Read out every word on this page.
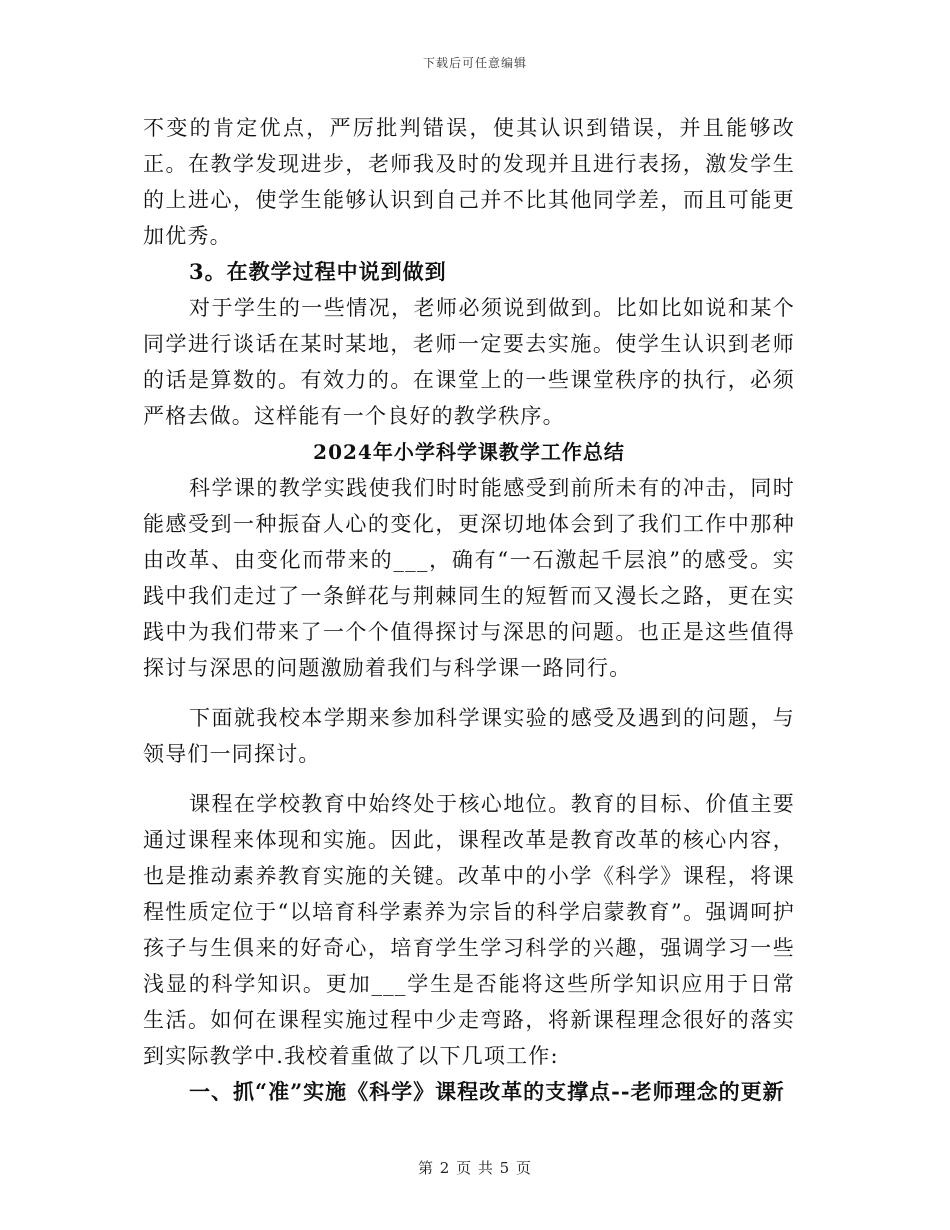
下载后可任意编辑

不变的肯定优点，严厉批判错误，使其认识到错误，并且能够改正。在教学发现进步，老师我及时的发现并且进行表扬，激发学生的上进心，使学生能够认识到自己并不比其他同学差，而且可能更加优秀。

3。在教学过程中说到做到

对于学生的一些情况，老师必须说到做到。比如比如说和某个同学进行谈话在某时某地，老师一定要去实施。使学生认识到老师的话是算数的。有效力的。在课堂上的一些课堂秩序的执行，必须严格去做。这样能有一个良好的教学秩序。

2024年小学科学课教学工作总结

科学课的教学实践使我们时时能感受到前所未有的冲击，同时能感受到一种振奋人心的变化，更深切地体会到了我们工作中那种由改革、由变化而带来的___，确有“一石激起千层浪”的感受。实践中我们走过了一条鲜花与荆棘同生的短暂而又漫长之路，更在实践中为我们带来了一个个值得探讨与深思的问题。也正是这些值得探讨与深思的问题激励着我们与科学课一路同行。

下面就我校本学期来参加科学课实验的感受及遇到的问题，与领导们一同探讨。

课程在学校教育中始终处于核心地位。教育的目标、价值主要通过课程来体现和实施。因此，课程改革是教育改革的核心内容，也是推动素养教育实施的关键。改革中的小学《科学》课程，将课程性质定位于“以培育科学素养为宗旨的科学启蒙教育”。强调呵护孩子与生俱来的好奇心，培育学生学习科学的兴趣，强调学习一些浅显的科学知识。更加___学生是否能将这些所学知识应用于日常生活。如何在课程实施过程中少走弯路，将新课程理念很好的落实到实际教学中.我校着重做了以下几项工作:

一、抓“准”实施《科学》课程改革的支撑点--老师理念的更新

第 2 页 共 5 页
